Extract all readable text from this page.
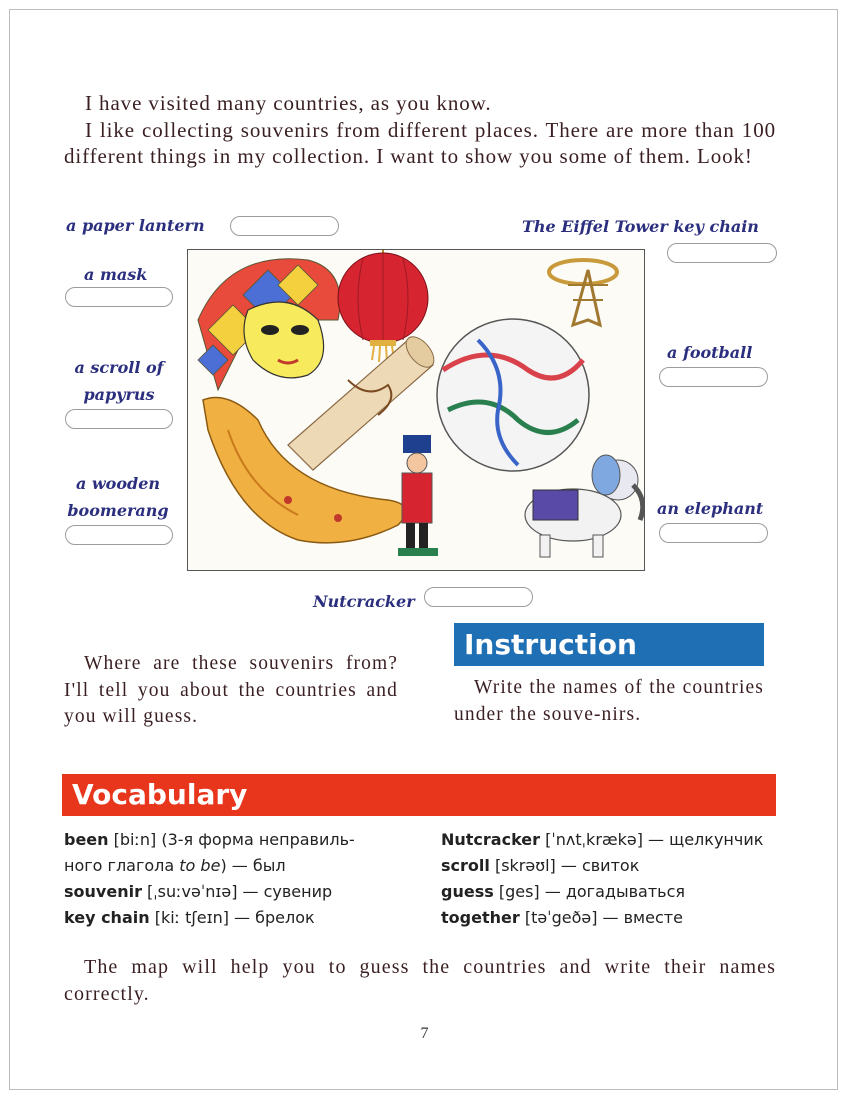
I have visited many countries, as you know.

I like collecting souvenirs from different places. There are more than 100 different things in my collection. I want to show you some of them. Look!

a paper lantern	The Eiffel Tower key chain
a mask
a scroll of
papyrus
a football
a wooden
boomerang	an elephant
Nutcracker

Where are these souvenirs from? I'll tell you about the countries and you will guess.

Instruction

Write the names of the countries under the souve-nirs.

Vocabulary
been [biːn] (3-я форма неправиль-
ного глагола to be) — был
souvenir [ˌsuːvəˈnɪə] — сувенир
key chain [kiː tʃeɪn] — брелок
Nutcracker [ˈnʌtˌkrækə] — щелкунчик
scroll [skrəʊl] — свиток
guess [ges] — догадываться
together [təˈgeðə] — вместе

The map will help you to guess the countries and write their names correctly.

7
